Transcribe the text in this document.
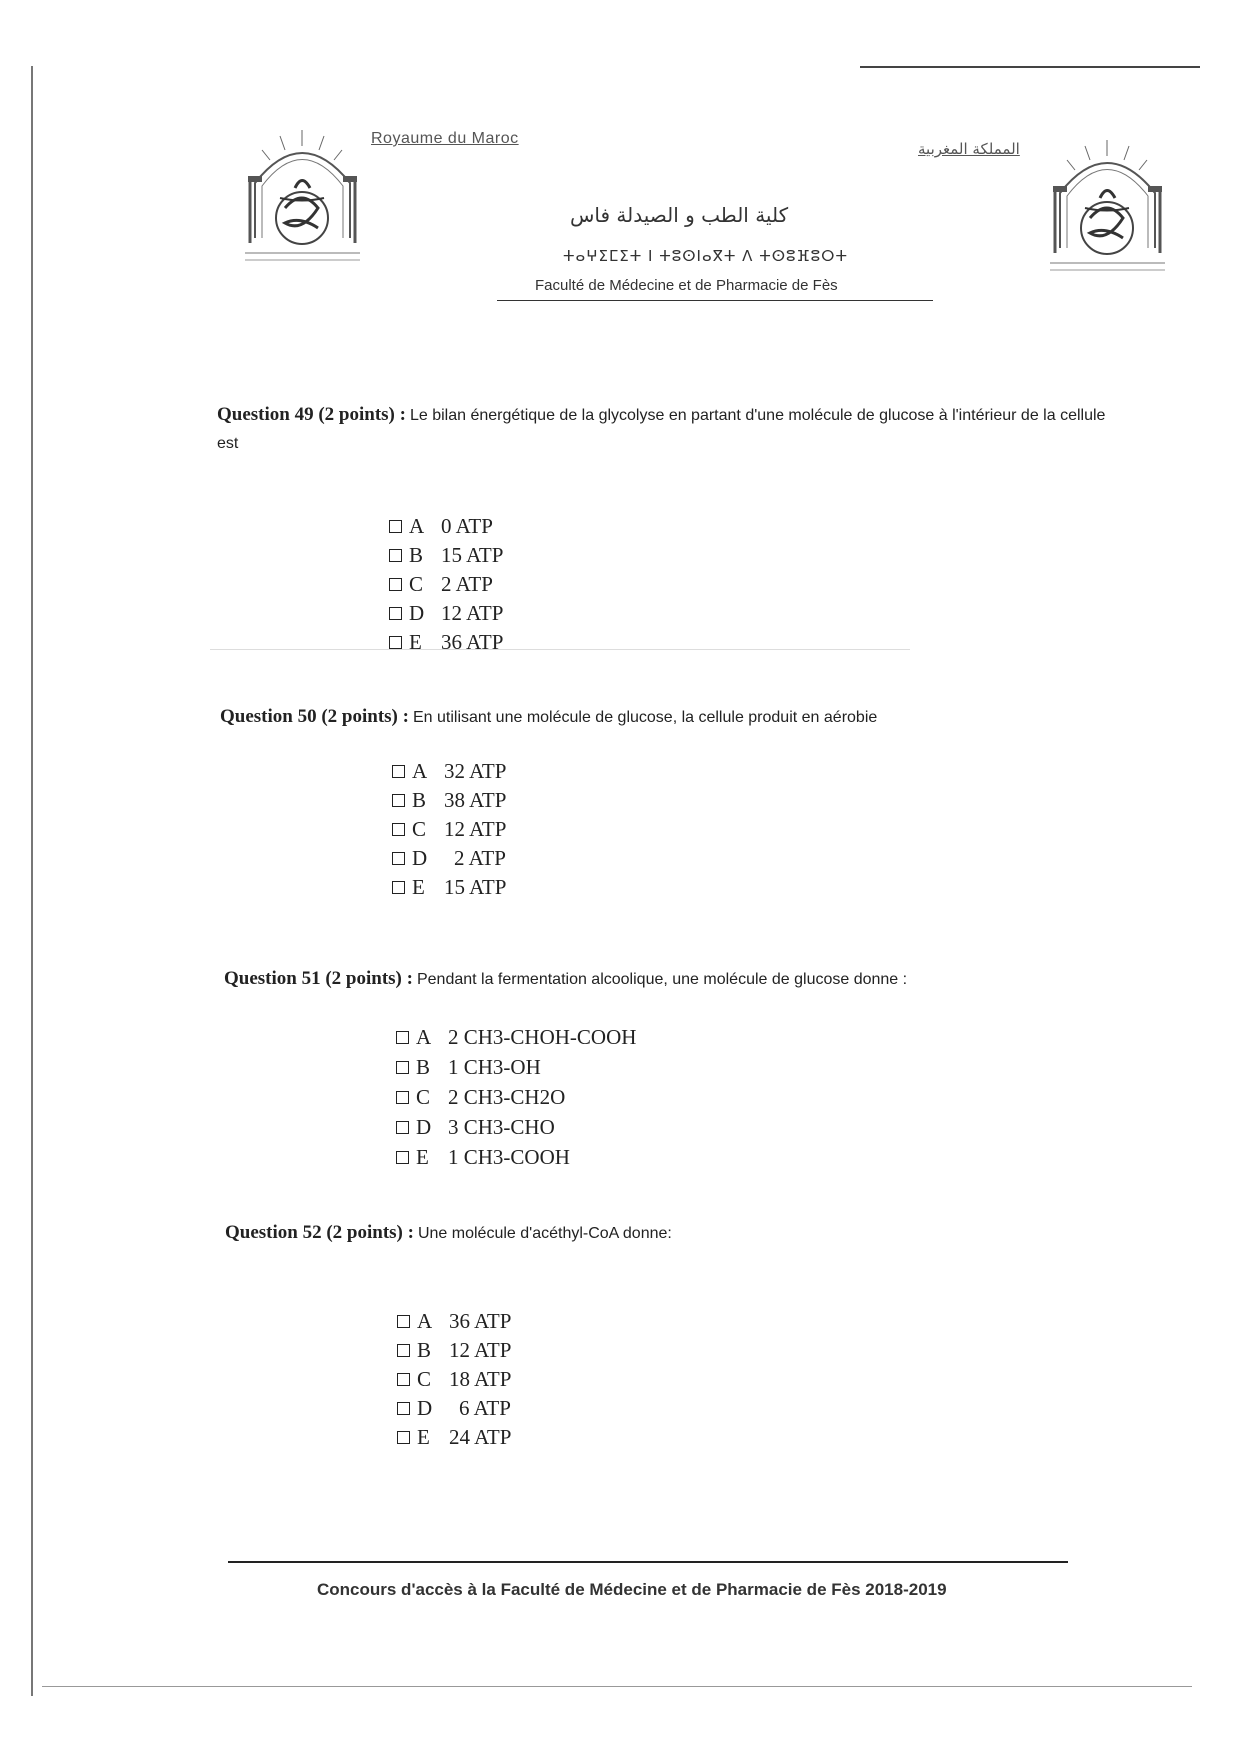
Royaume du Maroc
المملكة المغربية
كلية الطب و الصيدلة فاس
ⵜⴰⵖⵉⵎⵉⵜ ⵏ ⵜⵓⵙⵏⴰⴳⵜ ⴷ ⵜⵙⵓⴼⵓⵔⵜ
Faculté de Médecine et de Pharmacie de Fès
Question 49 (2 points) : Le bilan énergétique de la glycolyse en partant d'une molécule de glucose à l'intérieur de la cellule est
A 0 ATP
B 15 ATP
C 2 ATP
D 12 ATP
E 36 ATP
Question 50 (2 points) : En utilisant une molécule de glucose, la cellule produit en aérobie
A 32 ATP
B 38 ATP
C 12 ATP
D 2 ATP
E 15 ATP
Question 51 (2 points) : Pendant la fermentation alcoolique, une molécule de glucose donne :
A 2 CH3-CHOH-COOH
B 1 CH3-OH
C 2 CH3-CH2O
D 3 CH3-CHO
E 1 CH3-COOH
Question 52 (2 points) : Une molécule d'acéthyl-CoA donne:
A 36 ATP
B 12 ATP
C 18 ATP
D 6 ATP
E 24 ATP
Concours d'accès à la Faculté de Médecine et de Pharmacie de Fès 2018-2019
